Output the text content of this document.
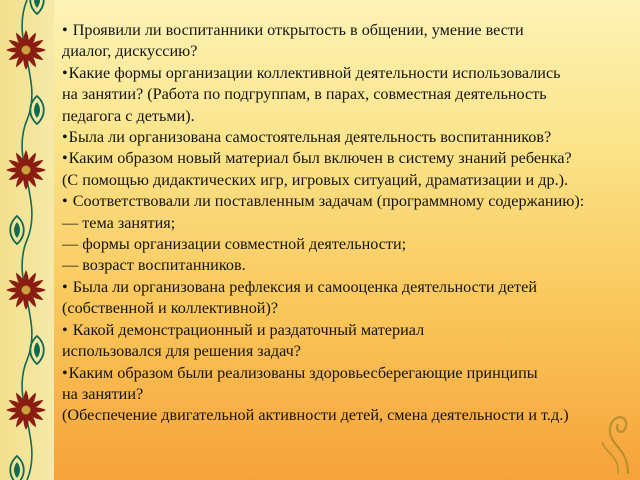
• Проявили ли воспитанники открытость в общении, умение вести
диалог, дискуссию?
• Какие формы организации коллективной деятельности использовались
на занятии? (Работа по подгруппам, в парах, совместная деятельность
педагога с детьми).
• Была ли организована самостоятельная деятельность воспитанников?
• Каким образом новый материал был включен в систему знаний ребенка?
(С помощью дидактических игр, игровых ситуаций, драматизации и др.).
• Соответствовали ли поставленным задачам (программному содержанию):
— тема занятия;
— формы организации совместной деятельности;
— возраст воспитанников.
• Была ли организована рефлексия и самооценка деятельности детей
(собственной и коллективной)?
• Какой демонстрационный и раздаточный материал
использовался для решения задач?
• Каким образом были реализованы здоровьесберегающие принципы
на занятии?
(Обеспечение двигательной активности детей, смена деятельности и т.д.)
